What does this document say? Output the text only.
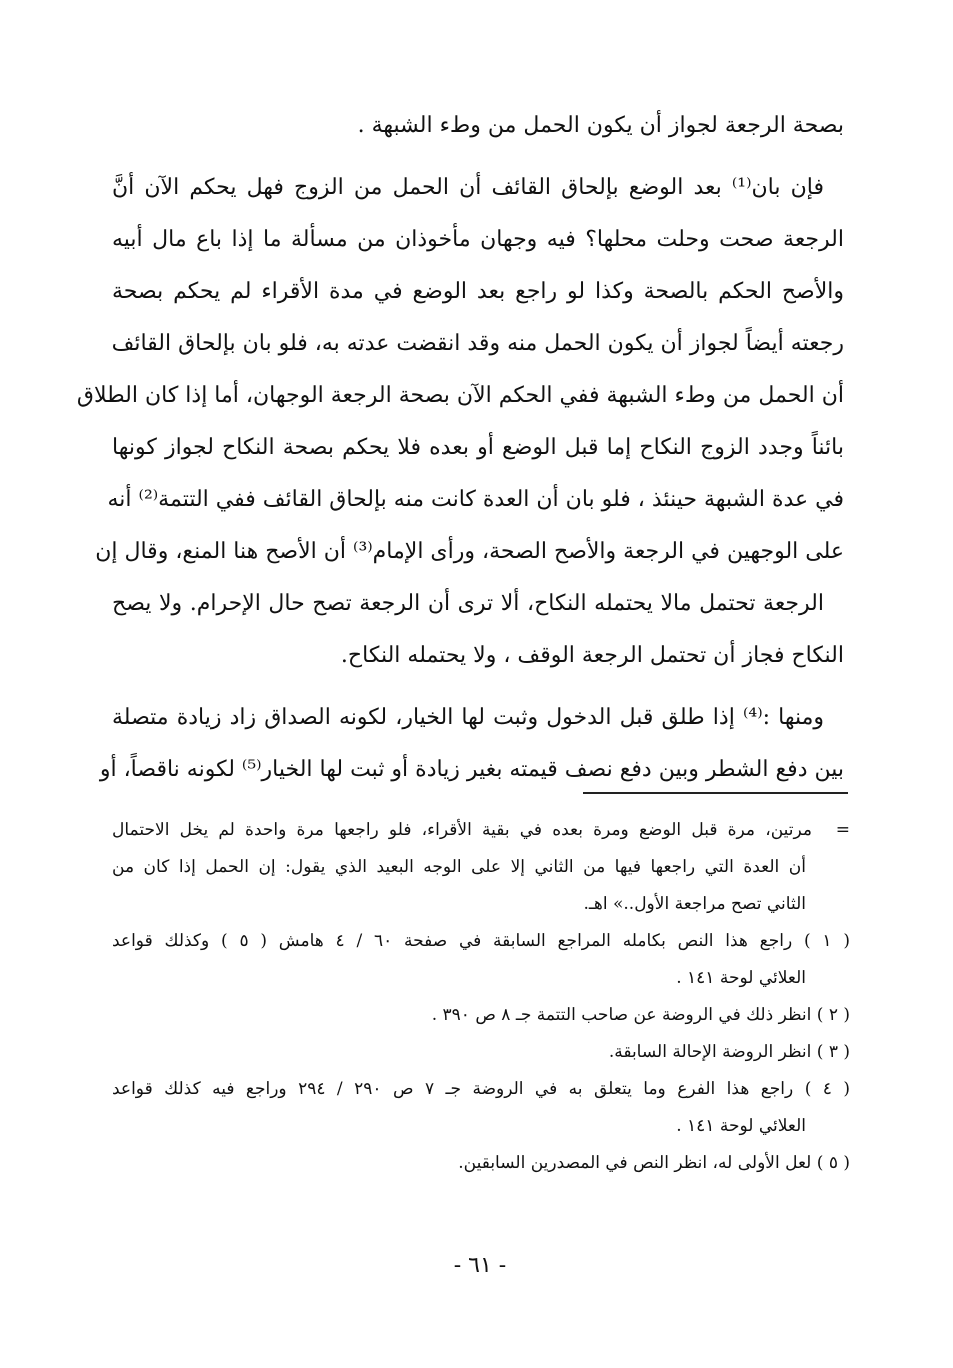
بصحة الرجعة لجواز أن يكون الحمل من وطء الشبهة .
فإن بان⁽¹⁾ بعد الوضع بإلحاق القائف أن الحمل من الزوج فهل يحكم الآن أنَّ
الرجعة صحت وحلت محلها؟ فيه وجهان مأخوذان من مسألة ما إذا باع مال أبيه
والأصح الحكم بالصحة وكذا لو راجع بعد الوضع في مدة الأقراء لم يحكم بصحة
رجعته أيضاً لجواز أن يكون الحمل منه وقد انقضت عدته به، فلو بان بإلحاق القائف
أن الحمل من وطء الشبهة ففي الحكم الآن بصحة الرجعة الوجهان، أما إذا كان الطلاق
بائناً وجدد الزوج النكاح إما قبل الوضع أو بعده فلا يحكم بصحة النكاح لجواز كونها
في عدة الشبهة حينئذ ، فلو بان أن العدة كانت منه بإلحاق القائف ففي التتمة⁽²⁾ أنه
على الوجهين في الرجعة والأصح الصحة، ورأى الإمام⁽³⁾ أن الأصح هنا المنع، وقال إن
الرجعة تحتمل مالا يحتمله النكاح، ألا ترى أن الرجعة تصح حال الإحرام. ولا يصح
النكاح فجاز أن تحتمل الرجعة الوقف ، ولا يحتمله النكاح.
ومنها :⁽⁴⁾ إذا طلق قبل الدخول وثبت لها الخيار، لكونه الصداق زاد زيادة متصلة
بين دفع الشطر وبين دفع نصف قيمته بغير زيادة أو ثبت لها الخيار⁽⁵⁾ لكونه ناقصاً، أو
=مرتين، مرة قبل الوضع ومرة بعده في بقية الأقراء، فلو راجعها مرة واحدة لم يخل الاحتمال
أن العدة التي راجعها فيها من الثاني إلا على الوجه البعيد الذي يقول: إن الحمل إذا كان من
الثاني تصح مراجعة الأول..» اهـ.
( ١ ) راجع هذا النص بكامله المراجع السابقة في صفحة ٦٠ / ٤ هامش ( ٥ ) وكذلك قواعد
العلائي لوحة ١٤١ .
( ٢ ) انظر ذلك في الروضة عن صاحب التتمة جـ ٨ ص ٣٩٠ .
( ٣ ) انظر الروضة الإحالة السابقة.
( ٤ ) راجع هذا الفرع وما يتعلق به في الروضة جـ ٧ ص ٢٩٠ / ٢٩٤ وراجع فيه كذلك قواعد
العلائي لوحة ١٤١ .
( ٥ ) لعل الأولى له، انظر النص في المصدرين السابقين.
- ٦١ -
